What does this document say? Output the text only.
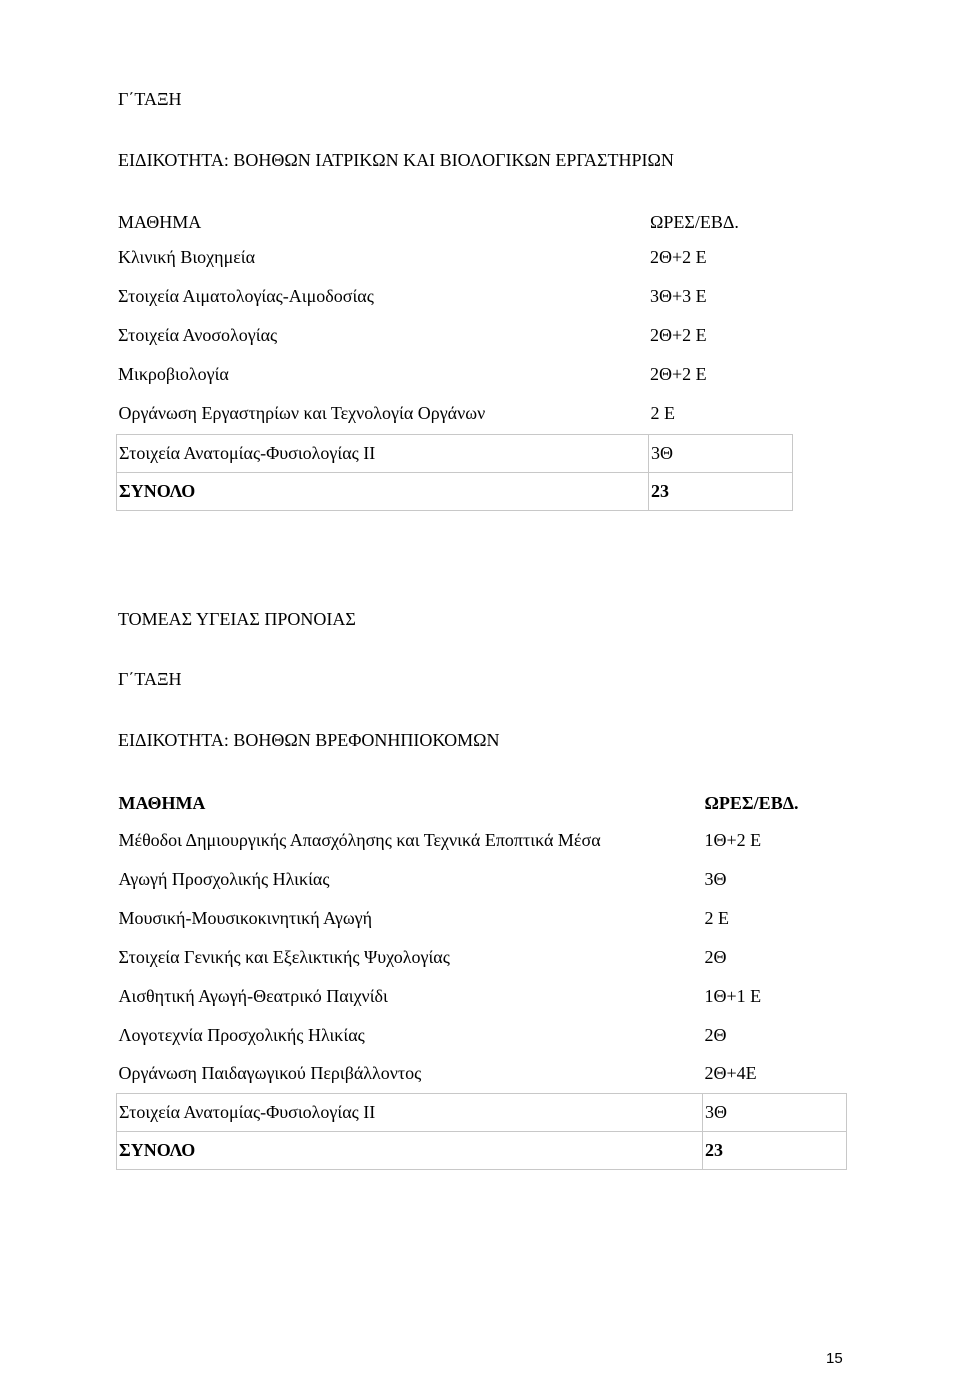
Γ΄ΤΑΞΗ
ΕΙΔΙΚΟΤΗΤΑ: ΒΟΗΘΩΝ ΙΑΤΡΙΚΩΝ ΚΑΙ ΒΙΟΛΟΓΙΚΩΝ ΕΡΓΑΣΤΗΡΙΩΝ
ΜΑΘΗΜΑ	ΩΡΕΣ/ΕΒΔ.
Κλινική Βιοχημεία	2Θ+2 Ε
Στοιχεία Αιματολογίας-Αιμοδοσίας	3Θ+3 Ε
Στοιχεία Ανοσολογίας	2Θ+2 Ε
Μικροβιολογία	2Θ+2 Ε
Οργάνωση Εργαστηρίων και Τεχνολογία Οργάνων	2 Ε
Στοιχεία Ανατομίας-Φυσιολογίας ΙΙ	3Θ
ΣΥΝΟΛΟ	23
ΤΟΜΕΑΣ ΥΓΕΙΑΣ ΠΡΟΝΟΙΑΣ
Γ΄ΤΑΞΗ
ΕΙΔΙΚΟΤΗΤΑ: ΒΟΗΘΩΝ ΒΡΕΦΟΝΗΠΙΟΚΟΜΩΝ
ΜΑΘΗΜΑ	ΩΡΕΣ/ΕΒΔ.
Μέθοδοι Δημιουργικής Απασχόλησης και Τεχνικά Εποπτικά Μέσα	1Θ+2 Ε
Αγωγή Προσχολικής Ηλικίας	3Θ
Μουσική-Μουσικοκινητική Αγωγή	2 Ε
Στοιχεία Γενικής και Εξελικτικής Ψυχολογίας	2Θ
Αισθητική Αγωγή-Θεατρικό Παιχνίδι	1Θ+1 Ε
Λογοτεχνία Προσχολικής Ηλικίας	2Θ
Οργάνωση Παιδαγωγικού Περιβάλλοντος	2Θ+4Ε
Στοιχεία Ανατομίας-Φυσιολογίας ΙΙ	3Θ
ΣΥΝΟΛΟ	23
15
